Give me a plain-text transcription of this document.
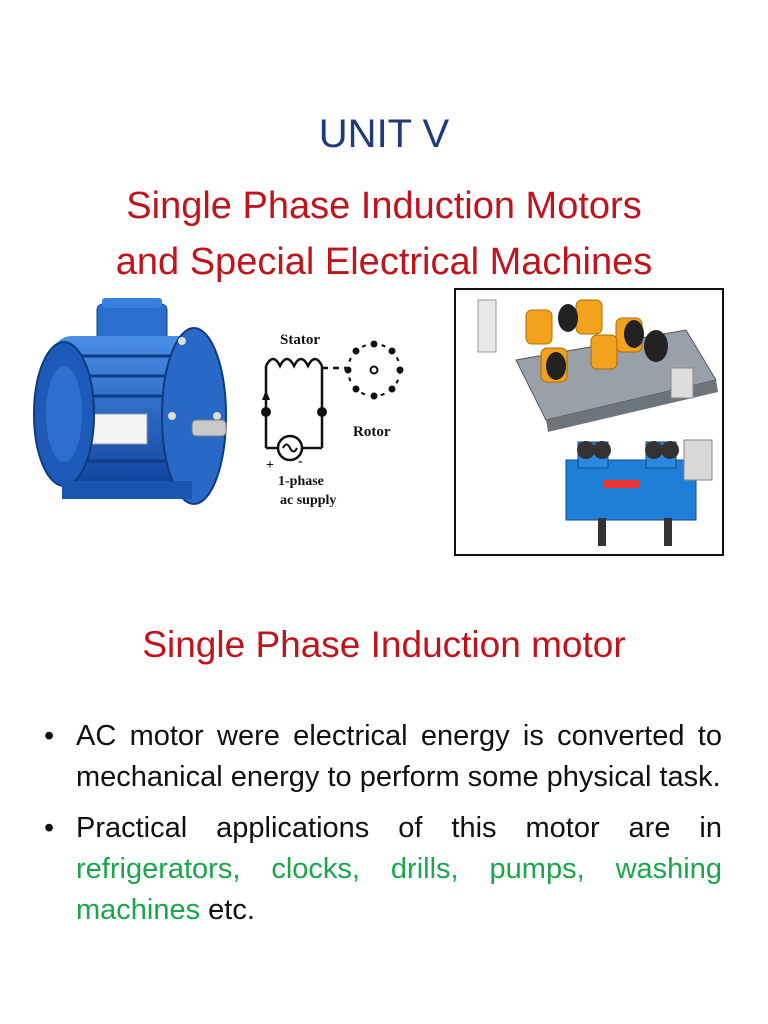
UNIT V
Single Phase Induction Motors
and Special Electrical Machines
Stator
+ -
Rotor
1-phase
ac supply
Single Phase Induction motor
• AC motor were electrical energy is converted to mechanical energy to perform some physical task.
• Practical applications of this motor are in refrigerators, clocks, drills, pumps, washing machines etc.
